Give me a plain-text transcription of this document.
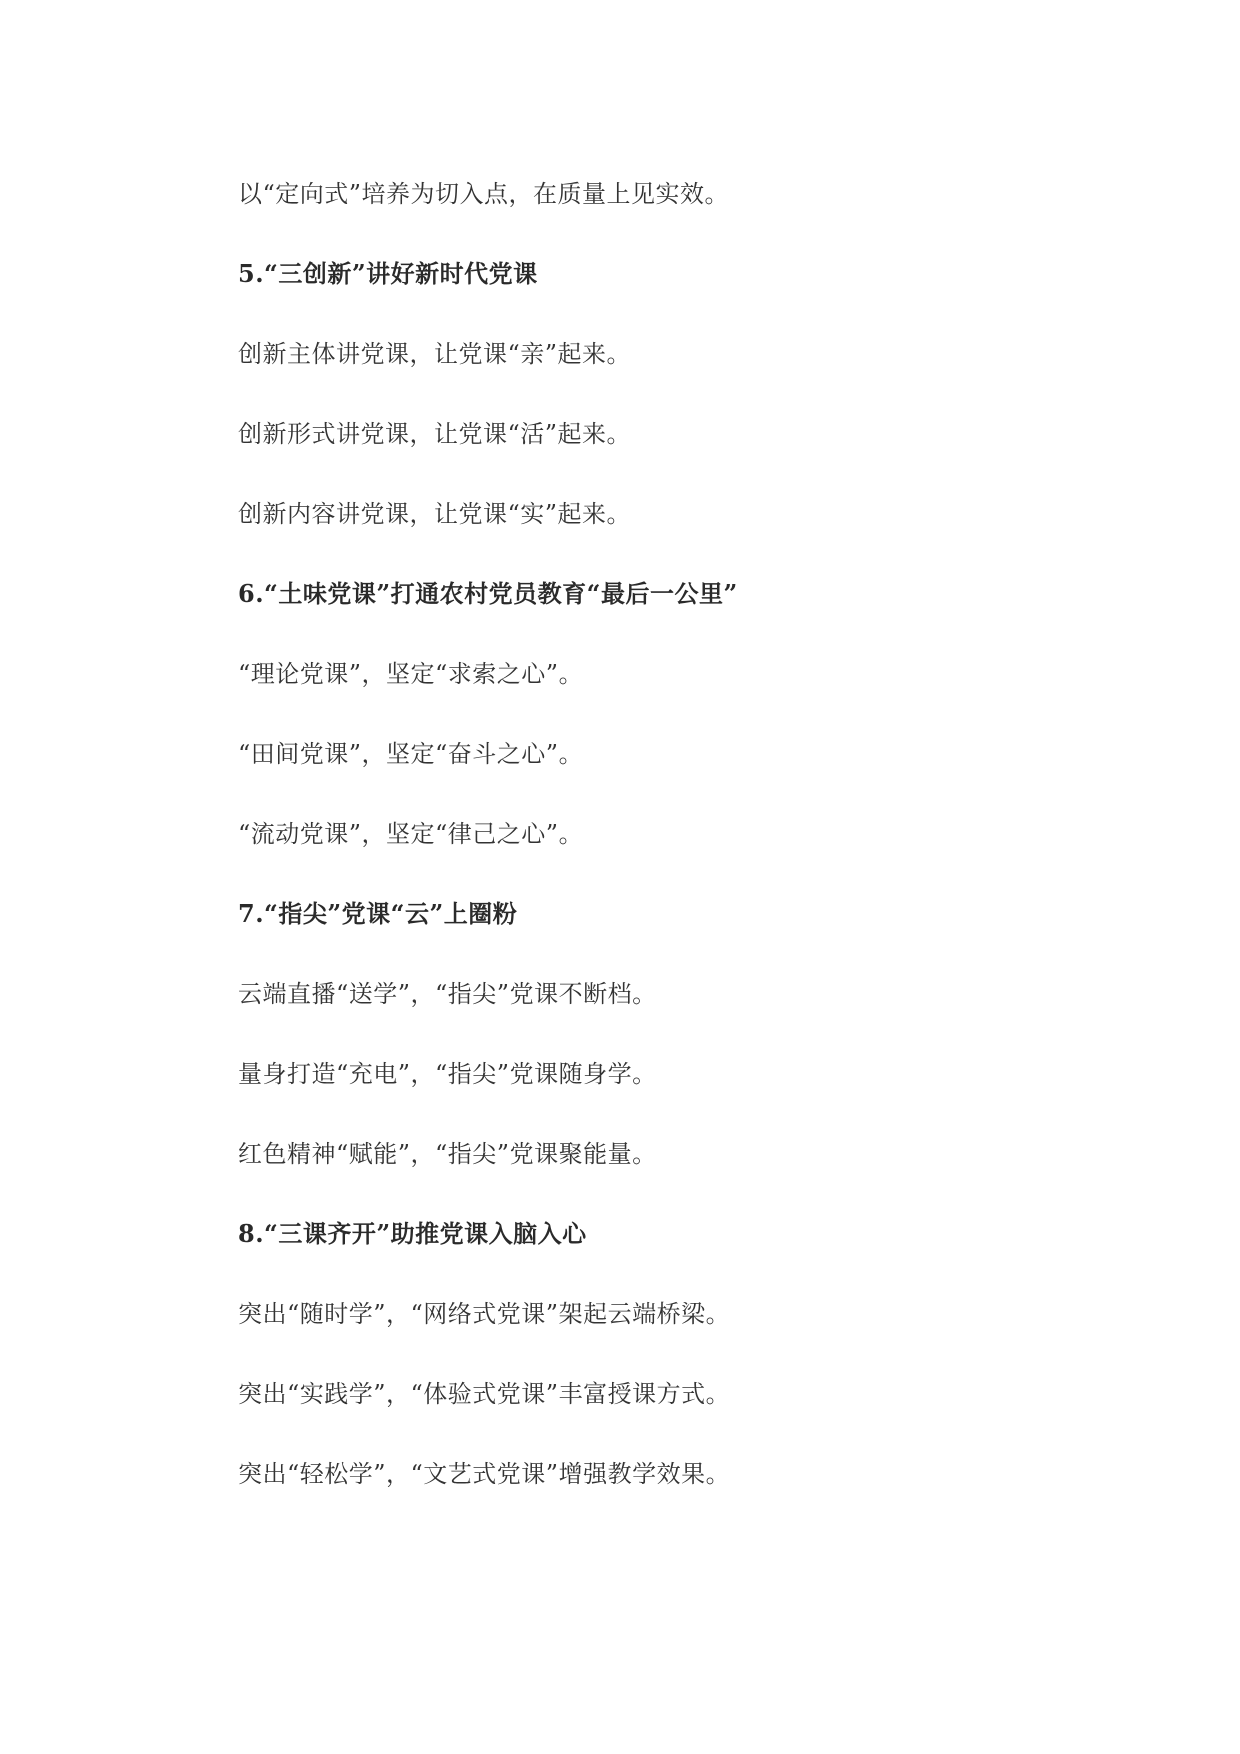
以“定向式”培养为切入点，在质量上见实效。
5.“三创新”讲好新时代党课
创新主体讲党课，让党课“亲”起来。
创新形式讲党课，让党课“活”起来。
创新内容讲党课，让党课“实”起来。
6.“土味党课”打通农村党员教育“最后一公里”
“理论党课”，坚定“求索之心”。
“田间党课”，坚定“奋斗之心”。
“流动党课”，坚定“律己之心”。
7.“指尖”党课“云”上圈粉
云端直播“送学”，“指尖”党课不断档。
量身打造“充电”，“指尖”党课随身学。
红色精神“赋能”，“指尖”党课聚能量。
8.“三课齐开”助推党课入脑入心
突出“随时学”，“网络式党课”架起云端桥梁。
突出“实践学”，“体验式党课”丰富授课方式。
突出“轻松学”，“文艺式党课”增强教学效果。
